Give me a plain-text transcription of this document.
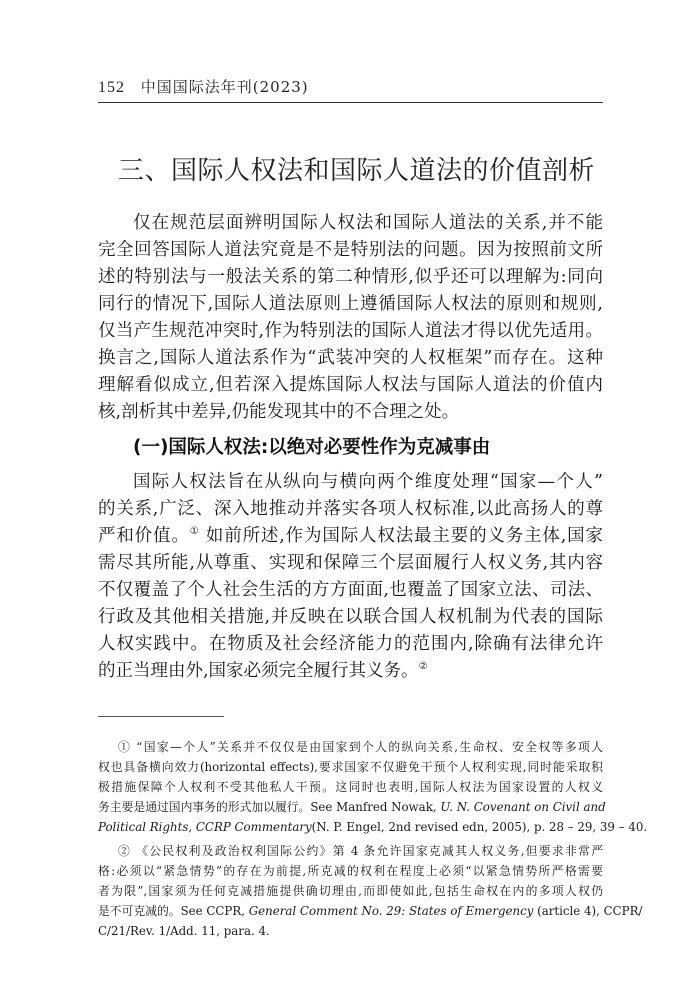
152 中国国际法年刊(2023)
三、国际人权法和国际人道法的价值剖析
仅在规范层面辨明国际人权法和国际人道法的关系,并不能
完全回答国际人道法究竟是不是特别法的问题。因为按照前文所
述的特别法与一般法关系的第二种情形,似乎还可以理解为:同向
同行的情况下,国际人道法原则上遵循国际人权法的原则和规则,
仅当产生规范冲突时,作为特别法的国际人道法才得以优先适用。
换言之,国际人道法系作为“武装冲突的人权框架”而存在。这种
理解看似成立,但若深入提炼国际人权法与国际人道法的价值内
核,剖析其中差异,仍能发现其中的不合理之处。
(一)国际人权法:以绝对必要性作为克减事由
国际人权法旨在从纵向与横向两个维度处理“国家—个人”
的关系,广泛、深入地推动并落实各项人权标准,以此高扬人的尊
严和价值。① 如前所述,作为国际人权法最主要的义务主体,国家
需尽其所能,从尊重、实现和保障三个层面履行人权义务,其内容
不仅覆盖了个人社会生活的方方面面,也覆盖了国家立法、司法、
行政及其他相关措施,并反映在以联合国人权机制为代表的国际
人权实践中。在物质及社会经济能力的范围内,除确有法律允许
的正当理由外,国家必须完全履行其义务。②
① “国家—个人”关系并不仅仅是由国家到个人的纵向关系,生命权、安全权等多项人
权也具备横向效力(horizontal effects),要求国家不仅避免干预个人权利实现,同时能采取积
极措施保障个人权利不受其他私人干预。这同时也表明,国际人权法为国家设置的人权义
务主要是通过国内事务的形式加以履行。See Manfred Nowak, U. N. Covenant on Civil and
Political Rights, CCRP Commentary(N. P. Engel, 2nd revised edn, 2005), p. 28 – 29, 39 – 40.
② 《公民权利及政治权利国际公约》第 4 条允许国家克减其人权义务,但要求非常严
格:必须以“紧急情势”的存在为前提,所克减的权利在程度上必须“以紧急情势所严格需要
者为限”,国家须为任何克减措施提供确切理由,而即使如此,包括生命权在内的多项人权仍
是不可克减的。See CCPR, General Comment No. 29: States of Emergency (article 4), CCPR/
C/21/Rev. 1/Add. 11, para. 4.
